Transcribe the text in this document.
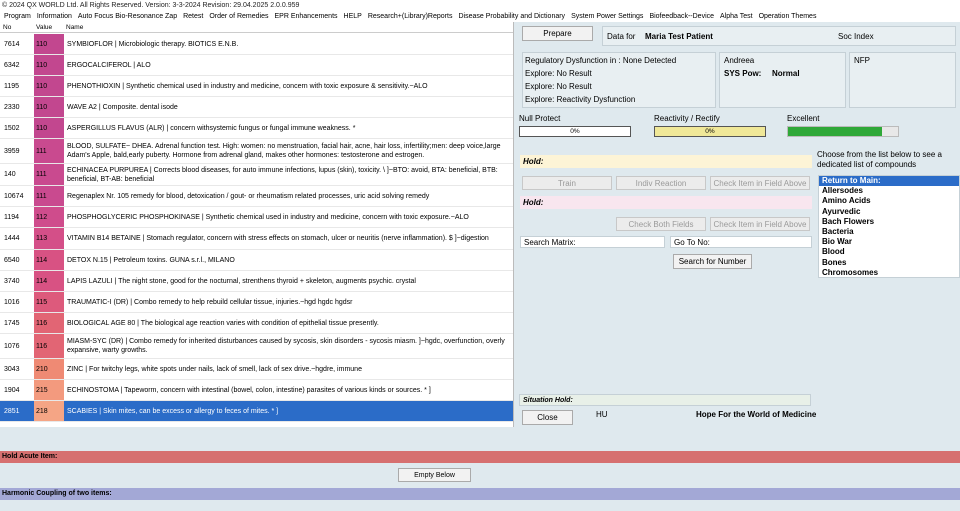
© 2024 QX WORLD Ltd. All Rights Reserved. Version: 3-3-2024 Revision: 29.04.2025 2.0.0.959
Program Information Auto Focus Bio-Resonance Zap Retest Order of Remedies EPR Enhancements HELP Research+(Library)Reports Disease Probability and Dictionary System Power Settings Biofeedback--Device Alpha Test Operation Themes
No	Value	Name
7614	110	SYMBIOFLOR | Microbiologic therapy. BIOTICS E.N.B.
6342	110	ERGOCALCIFEROL | ALO
1195	110	PHENOTHIOXIN | Synthetic chemical used in industry and medicine, concern with toxic exposure & sensitivity.~ALO
2330	110	WAVE A2 | Composite. dental isode
1502	110	ASPERGILLUS FLAVUS (ALR) | concern withsystemic fungus or fungal immune weakness. *
3959	111
BLOOD, SULFATE~ DHEA. Adrenal function test. High: women: no menstruation, facial hair, acne, hair loss, infertility;men: deep voice,large Adam's Apple, bald,early puberty. Hormone from adrenal gland, makes other hormones: testosterone and estrogen.
140	111
ECHINACEA PURPUREA | Corrects blood diseases, for auto immune infections, lupus (skin), toxicity. \ ]~BTO: avoid, BTA: beneficial, BTB: beneficial, BT-AB: beneficial
10674	111	Regenaplex Nr. 105 remedy for blood, detoxication / gout- or rheumatism related processes, uric acid solving remedy
1194	112	PHOSPHOGLYCERIC PHOSPHOKINASE | Synthetic chemical used in industry and medicine, concern with toxic exposure.~ALO
1444	113	VITAMIN B14 BETAINE | Stomach regulator, concern with stress effects on stomach, ulcer or neuritis (nerve inflammation). $ ]~digestion
6540	114	DETOX N.15 | Petroleum toxins. GUNA s.r.l., MILANO
3740	114	LAPIS LAZULI | The night stone, good for the nocturnal, strenthens thyroid + skeleton, augments psychic. crystal
1016	115	TRAUMATIC-I (DR) | Combo remedy to help rebuild cellular tissue, injuries.~hgd hgdc hgdsr
1745	116	BIOLOGICAL AGE 80 | The biological age reaction varies with condition of epithelial tissue presently.
1076	116
MIASM-SYC (DR) | Combo remedy for inherited disturbances caused by sycosis, skin disorders - sycosis miasm. ]~hgdc, overfunction, overly expansive, warty growths.
3043	210	ZINC | For twitchy legs, white spots under nails, lack of smell, lack of sex drive.~hgdre, immune
1904	215	ECHINOSTOMA | Tapeworm, concern with intestinal (bowel, colon, intestine) parasites of various kinds or sources. * ]
2851	218	SCABIES | Skin mites, can be excess or allergy to feces of mites. * ]
Prepare	Data for Maria Test Patient	Soc Index
Regulatory Dysfunction in : None Detected
Explore: No Result
Explore: No Result
Explore: Reactivity Dysfunction
Andreea
SYS Pow: Normal
NFP
Null Protect
0%
Reactivity / Rectify
0%
Excellent
Hold:
Train	Indiv Reaction	Check Item in Field Above
Hold:
Check Both Fields	Check Item in Field Above
Search Matrix:	Go To No:
Search for Number
Choose from the list below to see a dedicated list of compounds
Situation Hold:
Close	HU	Hope For the World of Medicine
Return to Main:
Allersodes
Amino Acids
Ayurvedic
Bach Flowers
Bacteria
Bio War
Blood
Bones
Chromosomes
Hold Acute Item:
Empty Below
Harmonic Coupling of two items:
